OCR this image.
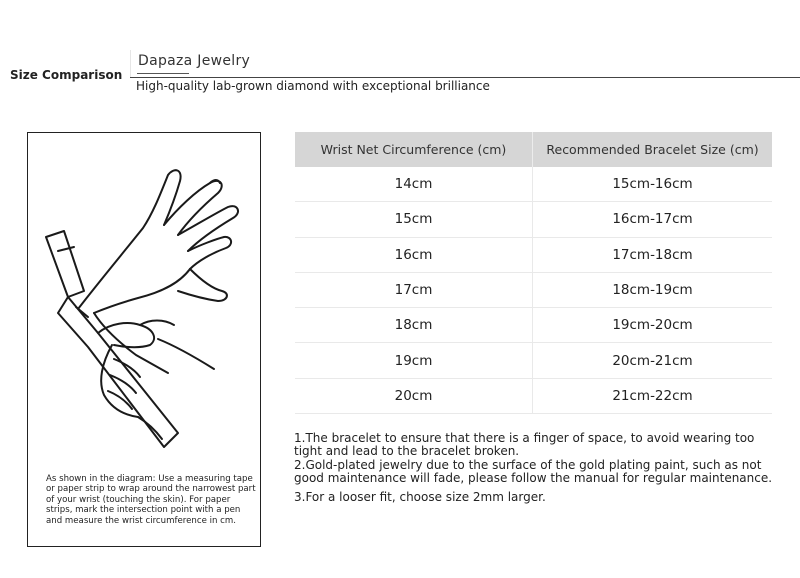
Size Comparison
Dapaza Jewelry
High-quality lab-grown diamond with exceptional brilliance
As shown in the diagram: Use a measuring tape or paper strip to wrap around the narrowest part of your wrist (touching the skin). For paper strips, mark the intersection point with a pen and measure the wrist circumference in cm.
Wrist Net Circumference (cm)	Recommended Bracelet Size (cm)
14cm	15cm-16cm
15cm	16cm-17cm
16cm	17cm-18cm
17cm	18cm-19cm
18cm	19cm-20cm
19cm	20cm-21cm
20cm	21cm-22cm

1.The bracelet to ensure that there is a finger of space, to avoid wearing too tight and lead to the bracelet broken.

2.Gold-plated jewelry due to the surface of the gold plating paint, such as not good maintenance will fade, please follow the manual for regular maintenance.

3.For a looser fit, choose size 2mm larger.
